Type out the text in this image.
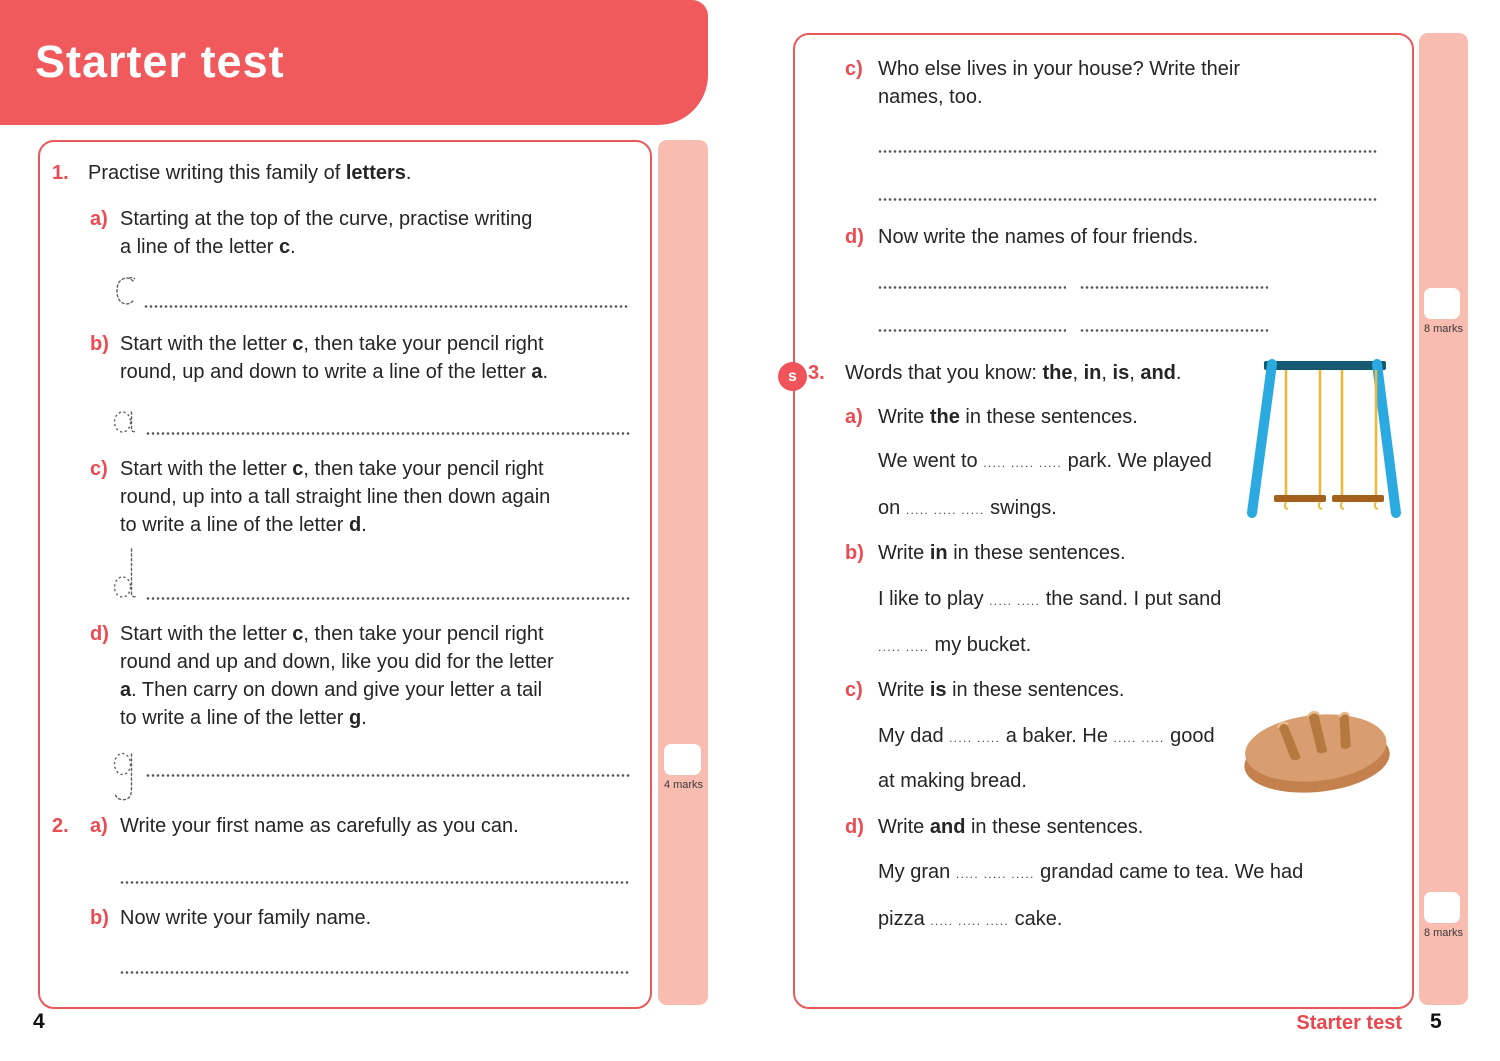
Starter test
1. Practise writing this family of letters.
a) Starting at the top of the curve, practise writing
a line of the letter c.
b) Start with the letter c, then take your pencil right
round, up and down to write a line of the letter a.
c) Start with the letter c, then take your pencil right
round, up into a tall straight line then down again
to write a line of the letter d.
d) Start with the letter c, then take your pencil right
round and up and down, like you did for the letter
a. Then carry on down and give your letter a tail
to write a line of the letter g.
2. a) Write your first name as carefully as you can.
b) Now write your family name.
4 marks
4
c) Who else lives in your house? Write their
names, too.
d) Now write the names of four friends.
8 marks
s 3. Words that you know: the, in, is, and.
a) Write the in these sentences.
We went to ..... ..... ..... park. We played
on ..... ..... ..... swings.
b) Write in in these sentences.
I like to play ..... ..... the sand. I put sand
..... ..... my bucket.
c) Write is in these sentences.
My dad ..... ..... a baker. He ..... ..... good
at making bread.
d) Write and in these sentences.
My gran ..... ..... ..... grandad came to tea. We had
pizza ..... ..... ..... cake.
8 marks
Starter test 5
